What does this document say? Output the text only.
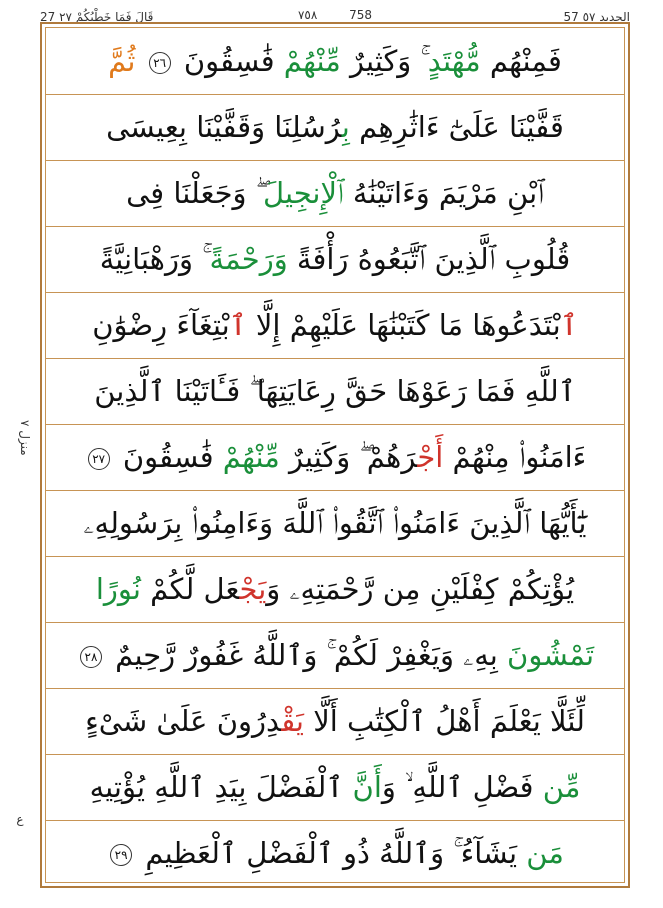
27 قَالَ فَمَا خَطْبُكُمْ ٢٧	٧٥٨	758	57 الحديد ٥٧
فَمِنْهُم مُّهْتَدٍ ۚ وَكَثِيرٌ مِّنْهُمْ فَٰسِقُونَ ٢٦ ثُمَّ
قَفَّيْنَا عَلَىٰٓ ءَاثَٰرِهِم بِرُسُلِنَا وَقَفَّيْنَا بِعِيسَى
ٱبْنِ مَرْيَمَ وَءَاتَيْنَٰهُ ٱلْإِنجِيلَ ۖ وَجَعَلْنَا فِى
قُلُوبِ ٱلَّذِينَ ٱتَّبَعُوهُ رَأْفَةً وَرَحْمَةً ۚ وَرَهْبَانِيَّةً
ٱبْتَدَعُوهَا مَا كَتَبْنَٰهَا عَلَيْهِمْ إِلَّا ٱبْتِغَآءَ رِضْوَٰنِ
ٱللَّهِ فَمَا رَعَوْهَا حَقَّ رِعَايَتِهَا ۖ فَـَٔاتَيْنَا ٱلَّذِينَ
ءَامَنُوا۟ مِنْهُمْ أَجْرَهُمْ ۖ وَكَثِيرٌ مِّنْهُمْ فَٰسِقُونَ ٢٧
يَٰٓأَيُّهَا ٱلَّذِينَ ءَامَنُوا۟ ٱتَّقُوا۟ ٱللَّهَ وَءَامِنُوا۟ بِرَسُولِهِۦ
يُؤْتِكُمْ كِفْلَيْنِ مِن رَّحْمَتِهِۦ وَيَجْعَل لَّكُمْ نُورًا
تَمْشُونَ بِهِۦ وَيَغْفِرْ لَكُمْ ۚ وَٱللَّهُ غَفُورٌ رَّحِيمٌ ٢٨
لِّئَلَّا يَعْلَمَ أَهْلُ ٱلْكِتَٰبِ أَلَّا يَقْدِرُونَ عَلَىٰ شَىْءٍ
مِّن فَضْلِ ٱللَّهِ ۙ وَأَنَّ ٱلْفَضْلَ بِيَدِ ٱللَّهِ يُؤْتِيهِ
مَن يَشَآءُ ۚ وَٱللَّهُ ذُو ٱلْفَضْلِ ٱلْعَظِيمِ ٢٩
منزل ٧
ع
